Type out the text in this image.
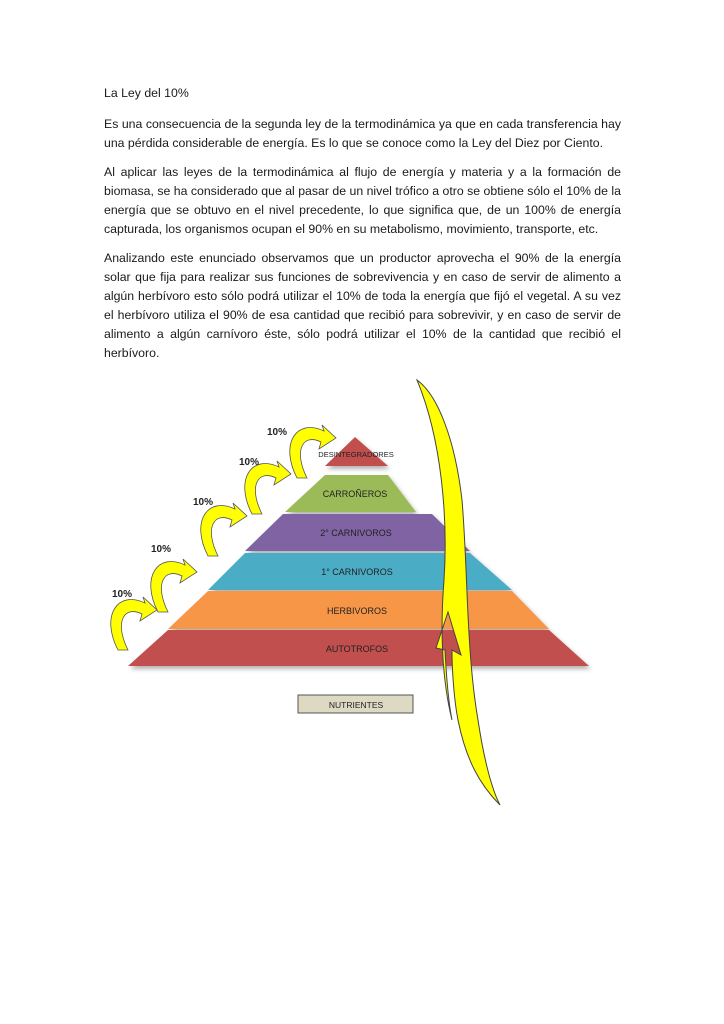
La Ley del 10%

Es una consecuencia de la segunda ley de la termodinámica ya que en cada transferencia hay una pérdida considerable de energía. Es lo que se conoce como la Ley del Diez por Ciento.

Al aplicar las leyes de la termodinámica al flujo de energía y materia y a la formación de biomasa, se ha considerado que al pasar de un nivel trófico a otro se obtiene sólo el 10% de la energía que se obtuvo en el nivel precedente, lo que significa que, de un 100% de energía capturada, los organismos ocupan el 90% en su metabolismo, movimiento, transporte, etc.

Analizando este enunciado observamos que un productor aprovecha el 90% de la energía solar que fija para realizar sus funciones de sobrevivencia y en caso de servir de alimento a algún herbívoro esto sólo podrá utilizar el 10% de toda la energía que fijó el vegetal. A su vez el herbívoro utiliza el 90% de esa cantidad que recibió para sobrevivir, y en caso de servir de alimento a algún carnívoro éste, sólo podrá utilizar el 10% de la cantidad que recibió el herbívoro.

DESINTEGRADORES
CARROÑEROS
2° CARNIVOROS
1° CARNIVOROS
HERBIVOROS
AUTOTROFOS
10%
10%
10%
10%
10%
NUTRIENTES
